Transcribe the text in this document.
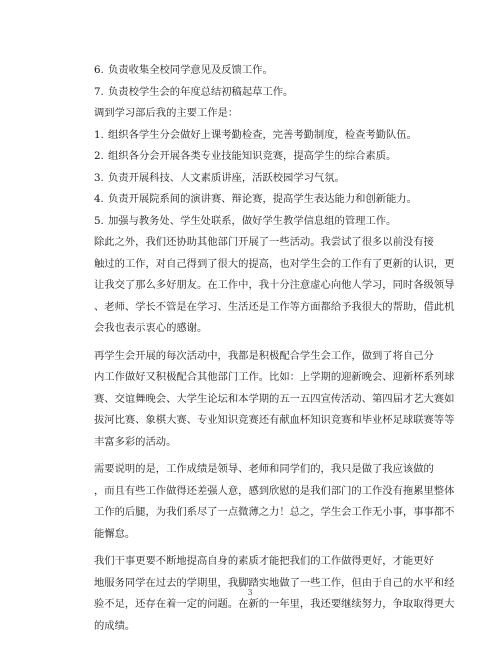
6. 负责收集全校同学意见及反馈工作。
7. 负责校学生会的年度总结初稿起草工作。
调到学习部后我的主要工作是：
1. 组织各学生分会做好上课考勤检查，完善考勤制度，检查考勤队伍。
2. 组织各分会开展各类专业技能知识竞赛，提高学生的综合素质。
3. 负责开展科技、人文素质讲座，活跃校园学习气氛。
4. 负责开展院系间的演讲赛、辩论赛，提高学生表达能力和创新能力。
5. 加强与教务处、学生处联系，做好学生教学信息组的管理工作。
除此之外，我们还协助其他部门开展了一些活动。我尝试了很多以前没有接
触过的工作，对自己得到了很大的提高，也对学生会的工作有了更新的认识，更
让我交了那么多好朋友。在工作中，我十分注意虚心向他人学习，同时各级领导
、老师、学长不管是在学习、生活还是工作等方面都给予我很大的帮助，借此机
会我也表示衷心的感谢。
再学生会开展的每次活动中，我都是积极配合学生会工作，做到了将自己分
内工作做好又积极配合其他部门工作。比如：上学期的迎新晚会、迎新杯系列球
赛、交谊舞晚会、大学生论坛和本学期的五一五四宣传活动、第四届才艺大赛如
拔河比赛、象棋大赛、专业知识竞赛还有献血杯知识竞赛和毕业杯足球联赛等等
丰富多彩的活动。
需要说明的是，工作成绩是领导、老师和同学们的，我只是做了我应该做的
，而且有些工作做得还差强人意，感到欣慰的是我们部门的工作没有拖累里整体
工作的后腿，为我们系尽了一点微薄之力！总之，学生会工作无小事，事事都不
能懈怠。
我们干事更要不断地提高自身的素质才能把我们的工作做得更好，才能更好
地服务同学在过去的学期里，我脚踏实地做了一些工作，但由于自己的水平和经
验不足，还存在着一定的问题。在新的一年里，我还要继续努力，争取取得更大
的成绩。
3
